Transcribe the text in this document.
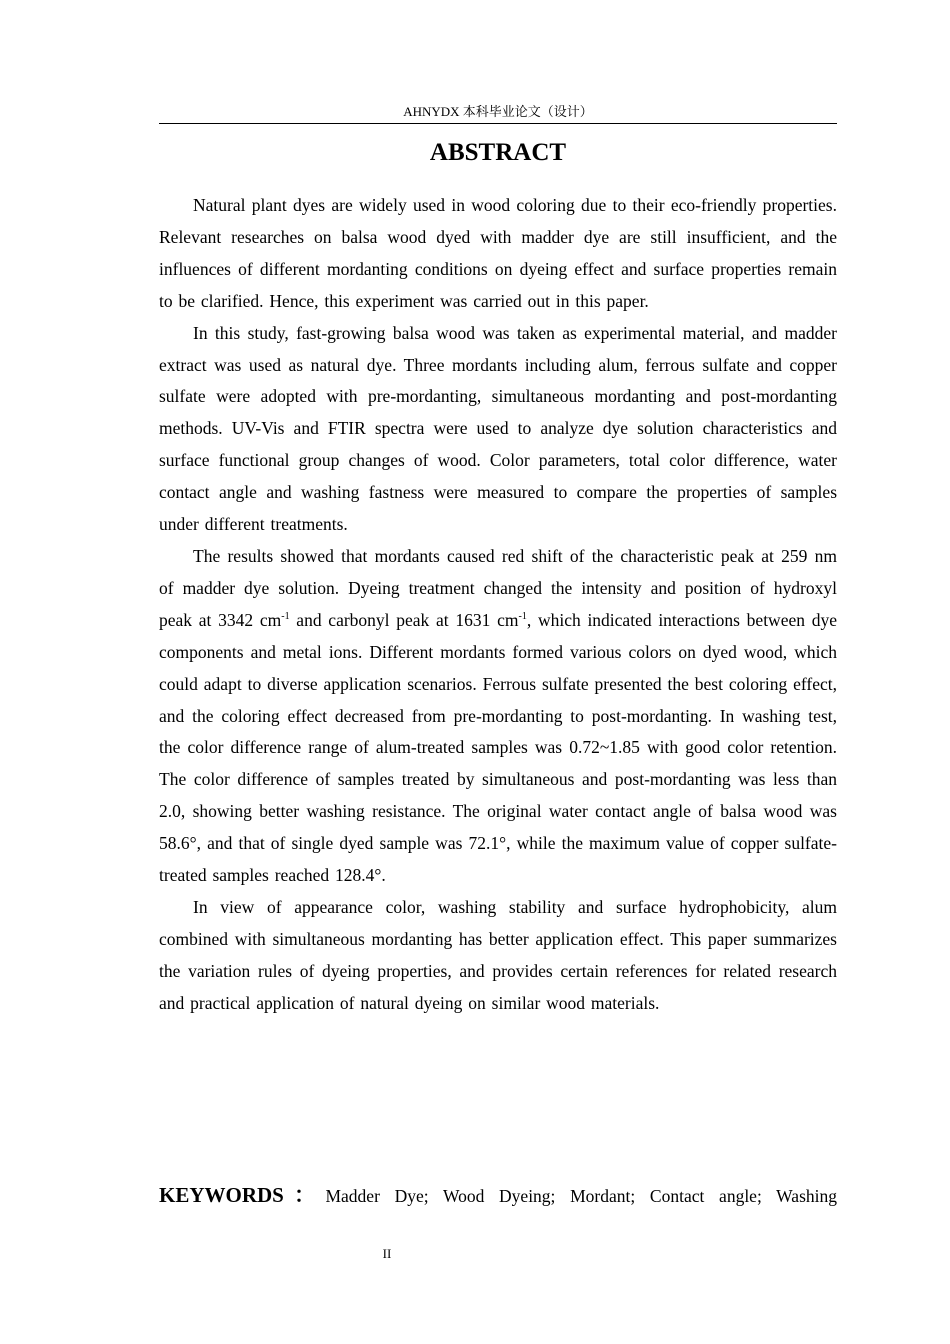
AHNYDX 本科毕业论文（设计）
ABSTRACT

Natural plant dyes are widely used in wood coloring due to their eco-friendly properties. Relevant researches on balsa wood dyed with madder dye are still insufficient, and the influences of different mordanting conditions on dyeing effect and surface properties remain to be clarified. Hence, this experiment was carried out in this paper.

In this study, fast-growing balsa wood was taken as experimental material, and madder extract was used as natural dye. Three mordants including alum, ferrous sulfate and copper sulfate were adopted with pre-mordanting, simultaneous mordanting and post-mordanting methods. UV-Vis and FTIR spectra were used to analyze dye solution characteristics and surface functional group changes of wood. Color parameters, total color difference, water contact angle and washing fastness were measured to compare the properties of samples under different treatments.

The results showed that mordants caused red shift of the characteristic peak at 259 nm of madder dye solution. Dyeing treatment changed the intensity and position of hydroxyl peak at 3342 $cm^{-1}$ and carbonyl peak at 1631 $cm^{-1}$, which indicated interactions between dye components and metal ions. Different mordants formed various colors on dyed wood, which could adapt to diverse application scenarios. Ferrous sulfate presented the best coloring effect, and the coloring effect decreased from pre-mordanting to post-mordanting. In washing test, the color difference range of alum-treated samples was 0.72~1.85 with good color retention. The color difference of samples treated by simultaneous and post-mordanting was less than 2.0, showing better washing resistance. The original water contact angle of balsa wood was 58.6°, and that of single dyed sample was 72.1°, while the maximum value of copper sulfate-treated samples reached 128.4°.

In view of appearance color, washing stability and surface hydrophobicity, alum combined with simultaneous mordanting has better application effect. This paper summarizes the variation rules of dyeing properties, and provides certain references for related research and practical application of natural dyeing on similar wood materials.

KEYWORDS：Madder Dye; Wood Dyeing; Mordant; Contact angle; Washing
II
